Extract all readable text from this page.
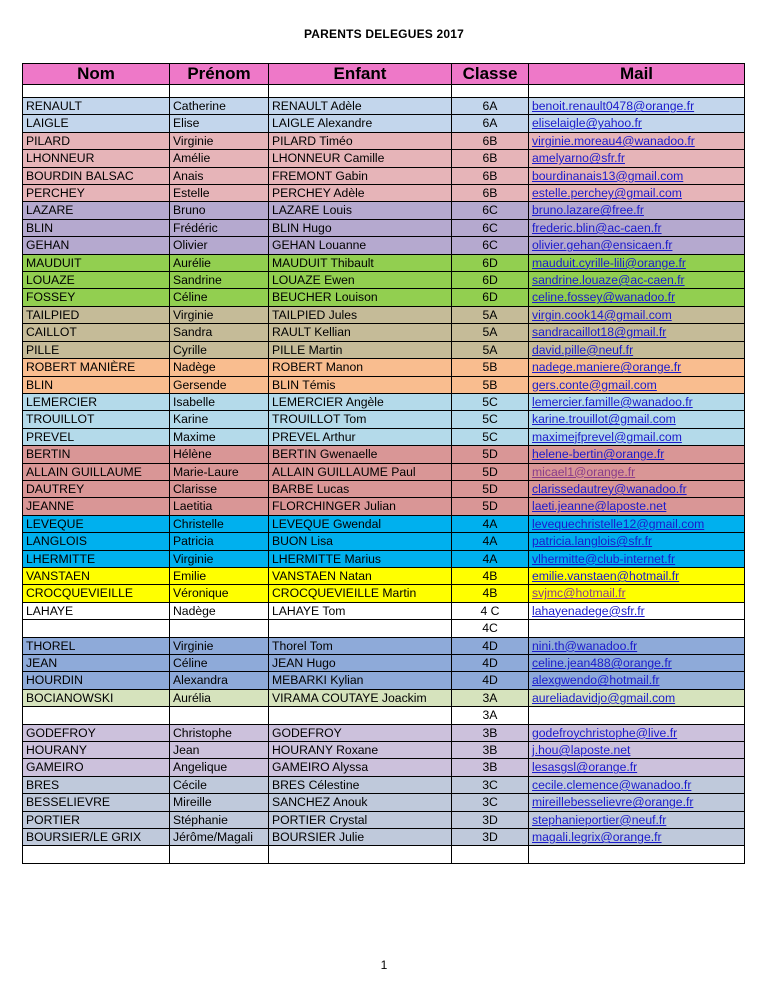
PARENTS DELEGUES 2017
Nom	Prénom	Enfant	Classe	Mail

RENAULT	Catherine	RENAULT Adèle	6A	benoit.renault0478@orange.fr
LAIGLE	Elise	LAIGLE Alexandre	6A	eliselaigle@yahoo.fr
PILARD	Virginie	PILARD Timéo	6B	virginie.moreau4@wanadoo.fr
LHONNEUR	Amélie	LHONNEUR Camille	6B	amelyarno@sfr.fr
BOURDIN BALSAC	Anais	FREMONT Gabin	6B	bourdinanais13@gmail.com
PERCHEY	Estelle	PERCHEY Adèle	6B	estelle.perchey@gmail.com
LAZARE	Bruno	LAZARE Louis	6C	bruno.lazare@free.fr
BLIN	Frédéric	BLIN Hugo	6C	frederic.blin@ac-caen.fr
GEHAN	Olivier	GEHAN Louanne	6C	olivier.gehan@ensicaen.fr
MAUDUIT	Aurélie	MAUDUIT Thibault	6D	mauduit.cyrille-lili@orange.fr
LOUAZE	Sandrine	LOUAZE Ewen	6D	sandrine.louaze@ac-caen.fr
FOSSEY	Céline	BEUCHER Louison	6D	celine.fossey@wanadoo.fr
TAILPIED	Virginie	TAILPIED Jules	5A	virgin.cook14@gmail.com
CAILLOT	Sandra	RAULT Kellian	5A	sandracaillot18@gmail.fr
PILLE	Cyrille	PILLE Martin	5A	david.pille@neuf.fr
ROBERT MANIÈRE	Nadège	ROBERT Manon	5B	nadege.maniere@orange.fr
BLIN	Gersende	BLIN Témis	5B	gers.conte@gmail.com
LEMERCIER	Isabelle	LEMERCIER Angèle	5C	lemercier.famille@wanadoo.fr
TROUILLOT	Karine	TROUILLOT Tom	5C	karine.trouillot@gmail.com
PREVEL	Maxime	PREVEL Arthur	5C	maximejfprevel@gmail.com
BERTIN	Hélène	BERTIN Gwenaelle	5D	helene-bertin@orange.fr
ALLAIN GUILLAUME	Marie-Laure	ALLAIN GUILLAUME Paul	5D	micael1@orange.fr
DAUTREY	Clarisse	BARBE Lucas	5D	clarissedautrey@wanadoo.fr
JEANNE	Laetitia	FLORCHINGER Julian	5D	laeti.jeanne@laposte.net
LEVEQUE	Christelle	LEVEQUE Gwendal	4A	levequechristelle12@gmail.com
LANGLOIS	Patricia	BUON Lisa	4A	patricia.langlois@sfr.fr
LHERMITTE	Virginie	LHERMITTE Marius	4A	vlhermitte@club-internet.fr
VANSTAEN	Emilie	VANSTAEN Natan	4B	emilie.vanstaen@hotmail.fr
CROCQUEVIEILLE	Véronique	CROCQUEVIEILLE Martin	4B	svjmc@hotmail.fr
LAHAYE	Nadège	LAHAYE Tom	4 C	lahayenadege@sfr.fr
			4C	
THOREL	Virginie	Thorel Tom	4D	nini.th@wanadoo.fr
JEAN	Céline	JEAN Hugo	4D	celine.jean488@orange.fr
HOURDIN	Alexandra	MEBARKI Kylian	4D	alexgwendo@hotmail.fr
BOCIANOWSKI	Aurélia	VIRAMA COUTAYE Joackim	3A	aureliadavidjo@gmail.com
			3A	
GODEFROY	Christophe	GODEFROY	3B	godefroychristophe@live.fr
HOURANY	Jean	HOURANY Roxane	3B	j.hou@laposte.net
GAMEIRO	Angelique	GAMEIRO Alyssa	3B	lesasgsl@orange.fr
BRES	Cécile	BRES Célestine	3C	cecile.clemence@wanadoo.fr
BESSELIEVRE	Mireille	SANCHEZ Anouk	3C	mireillebesselievre@orange.fr
PORTIER	Stéphanie	PORTIER Crystal	3D	stephanieportier@neuf.fr
BOURSIER/LE GRIX	Jérôme/Magali	BOURSIER Julie	3D	magali.legrix@orange.fr

1
